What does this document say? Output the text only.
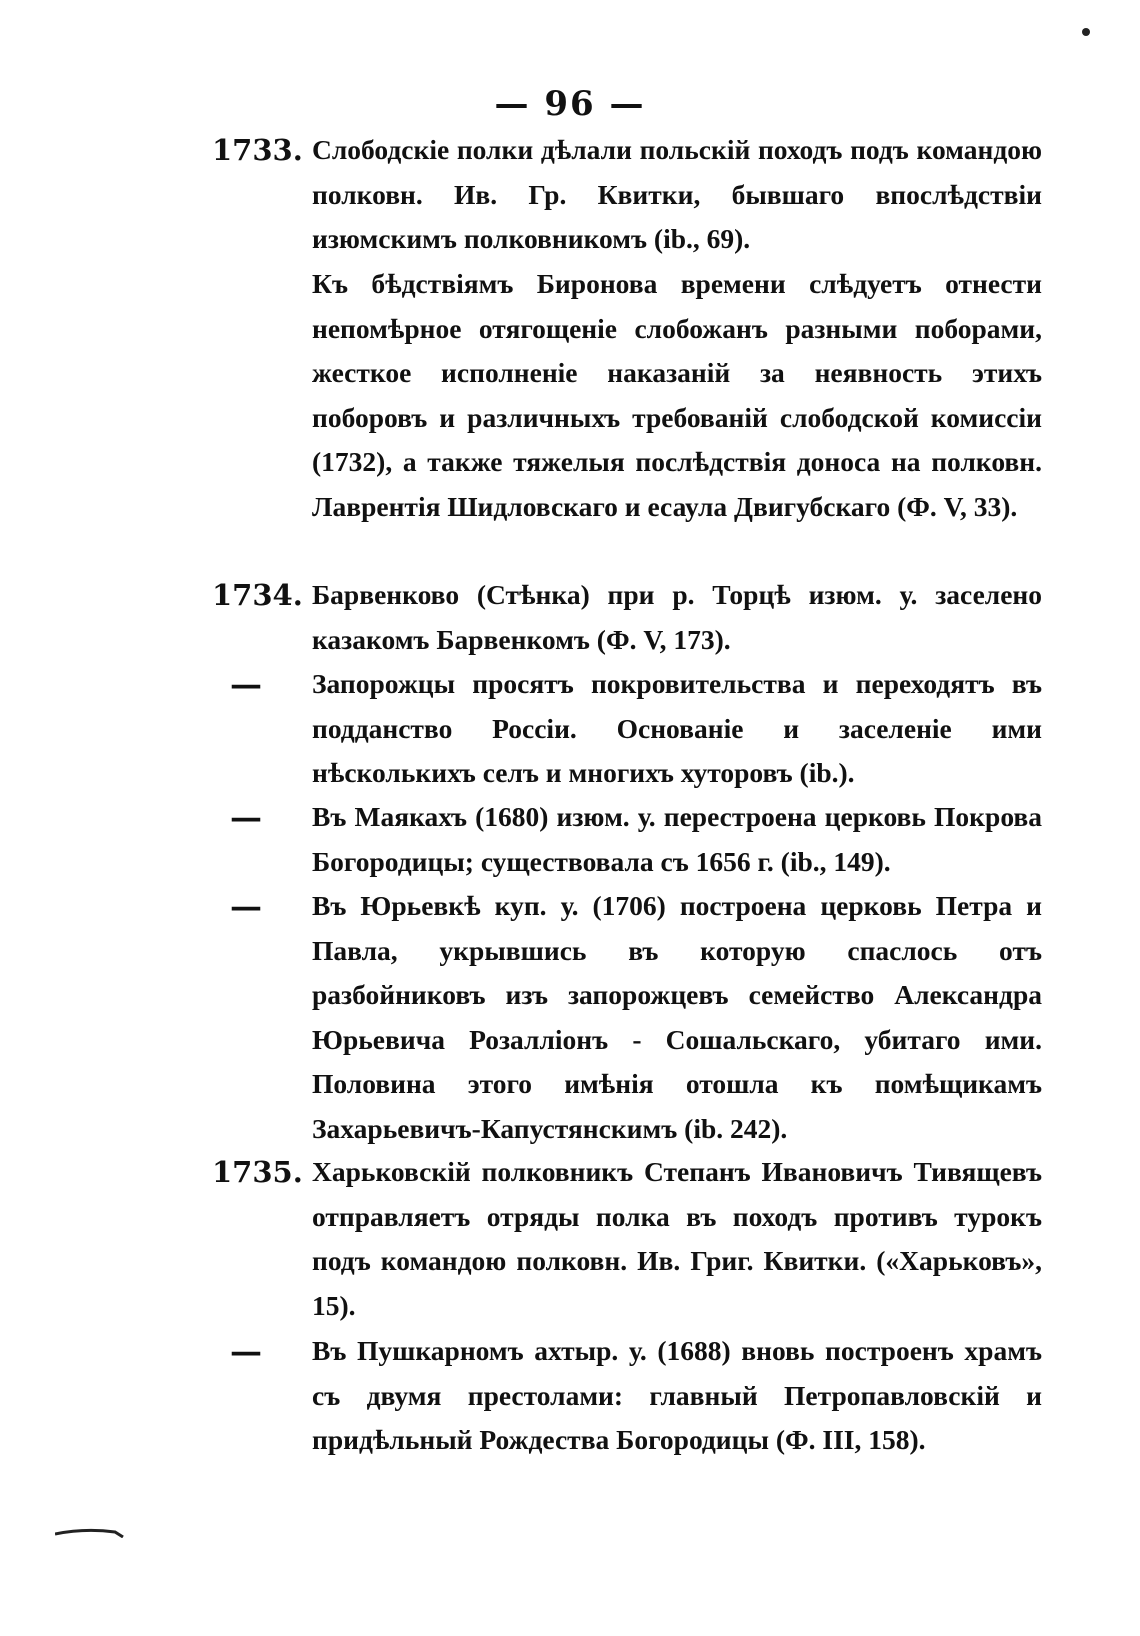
— 96 —
1733. Слободскіе полки дѣлали польскій походъ подъ командою полковн. Ив. Гр. Квитки, бывшаго впослѣдствіи изюмскимъ полковникомъ (ib., 69).
Къ бѣдствіямъ Биронова времени слѣдуетъ отнести непомѣрное отягощеніе слобожанъ разными поборами, жесткое исполненіе наказаній за неявность этихъ поборовъ и различныхъ требованій слободской комиссіи (1732), а также тяжелыя послѣдствія доноса на полковн. Лаврентія Шидловскаго и есаула Двигубскаго (Ф. V, 33).
1734. Барвенково (Стѣнка) при р. Торцѣ изюм. у. заселено казакомъ Барвенкомъ (Ф. V, 173).
—	Запорожцы просятъ покровительства и переходятъ въ подданство Россіи. Основаніе и заселеніе ими нѣсколькихъ селъ и многихъ хуторовъ (ib.).
—	Въ Маякахъ (1680) изюм. у. перестроена церковь Покрова Богородицы; существовала съ 1656 г. (ib., 149).
—	Въ Юрьевкѣ куп. у. (1706) построена церковь Петра и Павла, укрывшись въ которую спаслось отъ разбойниковъ изъ запорожцевъ семейство Александра Юрьевича Розалліонъ - Сошальскаго, убитаго ими. Половина этого имѣнія отошла къ помѣщикамъ Захарьевичъ-Капустянскимъ (ib. 242).
1735. Харьковскій полковникъ Степанъ Ивановичъ Тивящевъ отправляетъ отряды полка въ походъ противъ турокъ подъ командою полковн. Ив. Григ. Квитки. («Харьковъ», 15).
—	Въ Пушкарномъ ахтыр. у. (1688) вновь построенъ храмъ съ двумя престолами: главный Петропавловскій и придѣльный Рождества Богородицы (Ф. III, 158).
